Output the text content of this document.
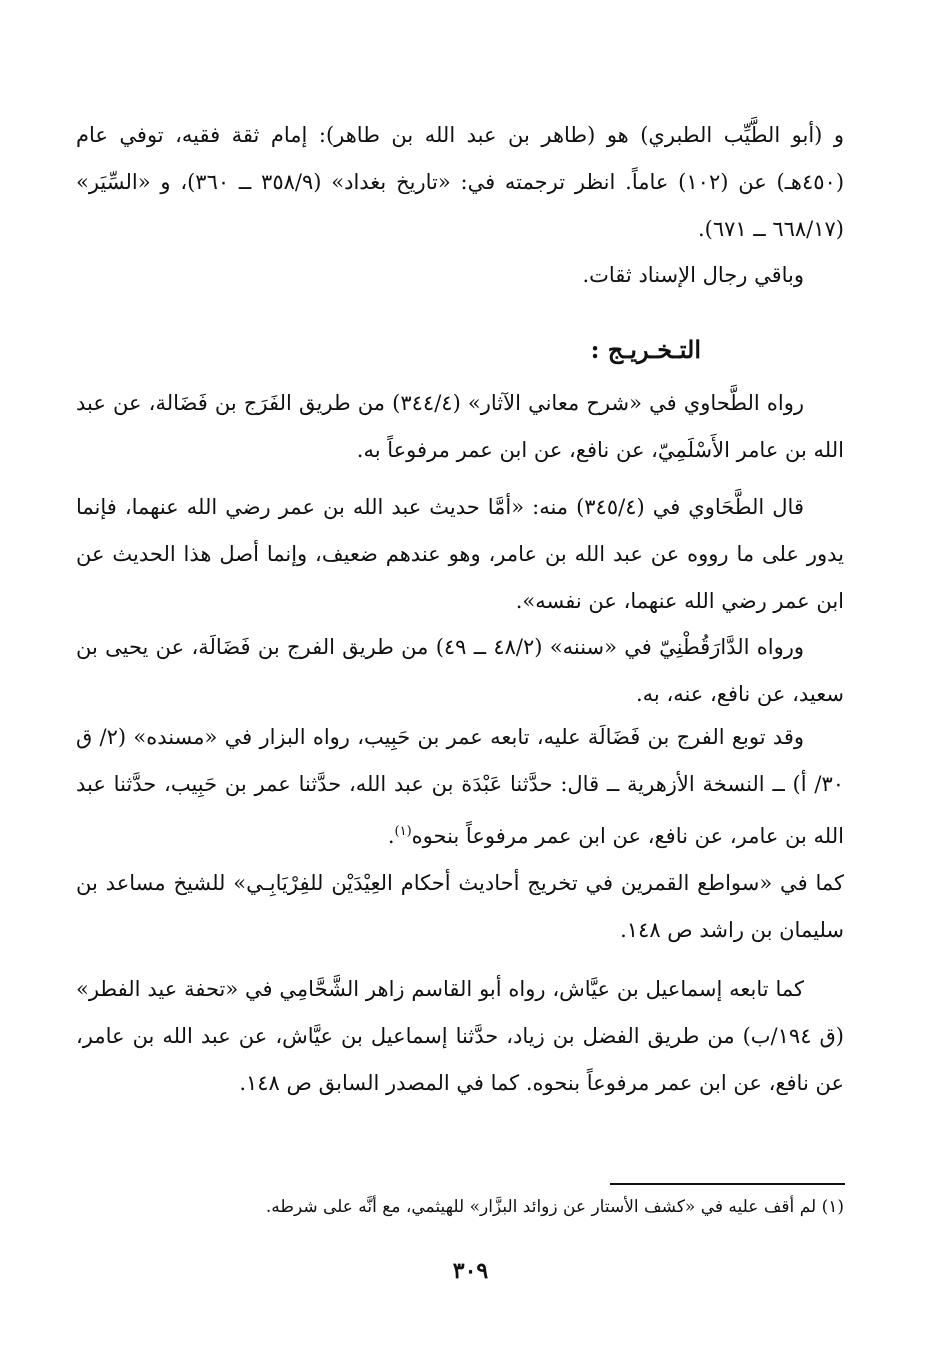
و (أبو الطَّيِّب الطبري) هو (طاهر بن عبد الله بن طاهر): إمام ثقة فقيه، توفي عام (٤٥٠هـ) عن (١٠٢) عاماً. انظر ترجمته في: «تاريخ بغداد» (٣٥٨/٩ ــ ٣٦٠)، و «السِّيَر» (٦٦٨/١٧ ــ ٦٧١).

وباقي رجال الإسناد ثقات.

التـخـريـج :

رواه الطَّحاوي في «شرح معاني الآثار» (٣٤٤/٤) من طريق الفَرَج بن فَضَالة، عن عبد الله بن عامر الأَسْلَمِيّ، عن نافع، عن ابن عمر مرفوعاً به.

قال الطَّحَاوي في (٣٤٥/٤) منه: «أمَّا حديث عبد الله بن عمر رضي الله عنهما، فإنما يدور على ما رووه عن عبد الله بن عامر، وهو عندهم ضعيف، وإنما أصل هذا الحديث عن ابن عمر رضي الله عنهما، عن نفسه».

ورواه الدَّارَقُطْنِيّ في «سننه» (٤٨/٢ ــ ٤٩) من طريق الفرج بن فَضَالَة، عن يحيى بن سعيد، عن نافع، عنه، به.

وقد توبع الفرج بن فَضَالَة عليه، تابعه عمر بن حَبِيب، رواه البزار في «مسنده» (٢/ ق ٣٠/ أ) ــ النسخة الأزهرية ــ قال: حدَّثنا عَبْدَة بن عبد الله، حدَّثنا عمر بن حَبِيب، حدَّثنا عبد الله بن عامر، عن نافع، عن ابن عمر مرفوعاً بنحوه$^{(١)}$.

كما في «سواطع القمرين في تخريج أحاديث أحكام العِيْدَيْن للفِرْيَابِـي» للشيخ مساعد بن سليمان بن راشد ص ١٤٨.

كما تابعه إسماعيل بن عيَّاش، رواه أبو القاسم زاهر الشَّحَّامِي في «تحفة عيد الفطر» (ق ١٩٤/ب) من طريق الفضل بن زياد، حدَّثنا إسماعيل بن عيَّاش، عن عبد الله بن عامر، عن نافع، عن ابن عمر مرفوعاً بنحوه. كما في المصدر السابق ص ١٤٨.

(١) لم أقف عليه في «كشف الأستار عن زوائد البزَّار» للهيثمي، مع أنَّه على شرطه.
٣٠٩
